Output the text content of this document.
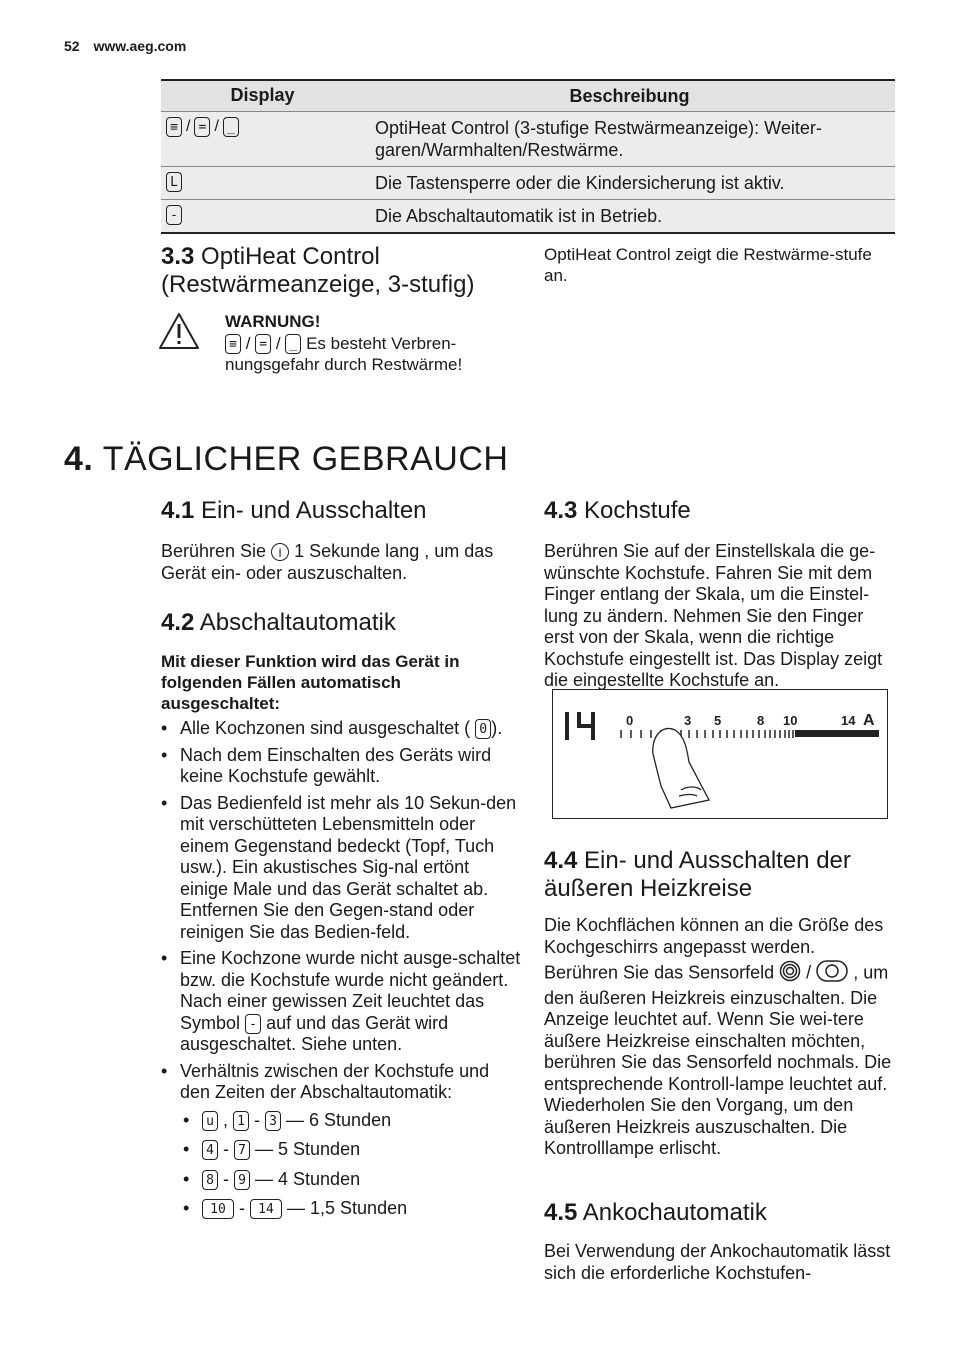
52 www.aeg.com
Display	Beschreibung
≡ / = / _	OptiHeat Control (3-stufige Restwärmeanzeige): Weiter-garen/Warmhalten/Restwärme.
L	Die Tastensperre oder die Kindersicherung ist aktiv.
-	Die Abschaltautomatik ist in Betrieb.
3.3 OptiHeat Control
(Restwärmeanzeige, 3-stufig)
WARNUNG!
≡ / = / _ Es besteht Verbren-nungsgefahr durch Restwärme!
OptiHeat Control zeigt die Restwärme-stufe an.
4. TÄGLICHER GEBRAUCH
4.1 Ein- und Ausschalten

Berühren Sie I 1 Sekunde lang , um das Gerät ein- oder auszuschalten.

4.2 Abschaltautomatik

Mit dieser Funktion wird das Gerät in folgenden Fällen automatisch ausgeschaltet:

• Alle Kochzonen sind ausgeschaltet ( 0 ).
• Nach dem Einschalten des Geräts wird keine Kochstufe gewählt.
• Das Bedienfeld ist mehr als 10 Sekun-den mit verschütteten Lebensmitteln oder einem Gegenstand bedeckt (Topf, Tuch usw.). Ein akustisches Sig-nal ertönt einige Male und das Gerät schaltet ab. Entfernen Sie den Gegen-stand oder reinigen Sie das Bedien-feld.
• Eine Kochzone wurde nicht ausge-schaltet bzw. die Kochstufe wurde nicht geändert. Nach einer gewissen Zeit leuchtet das Symbol - auf und das Gerät wird ausgeschaltet. Siehe unten.
• Verhältnis zwischen der Kochstufe und den Zeiten der Abschaltautomatik:
• u , 1 - 3 — 6 Stunden
• 4 - 7 — 5 Stunden
• 8 - 9 — 4 Stunden
• 10 - 14 — 1,5 Stunden
4.3 Kochstufe

Berühren Sie auf der Einstellskala die ge-wünschte Kochstufe. Fahren Sie mit dem Finger entlang der Skala, um die Einstel-lung zu ändern. Nehmen Sie den Finger erst von der Skala, wenn die richtige Kochstufe eingestellt ist. Das Display zeigt die eingestellte Kochstufe an.

0	3 5	8 10	14 A
4.4 Ein- und Ausschalten der
äußeren Heizkreise

Die Kochflächen können an die Größe des Kochgeschirrs angepasst werden.

Berühren Sie das Sensorfeld  /  , um den äußeren Heizkreis einzuschalten. Die Anzeige leuchtet auf. Wenn Sie wei-tere äußere Heizkreise einschalten möchten, berühren Sie das Sensorfeld nochmals. Die entsprechende Kontroll-lampe leuchtet auf.

Wiederholen Sie den Vorgang, um den äußeren Heizkreis auszuschalten. Die Kontrolllampe erlischt.

4.5 Ankochautomatik

Bei Verwendung der Ankochautomatik lässt sich die erforderliche Kochstufen-
